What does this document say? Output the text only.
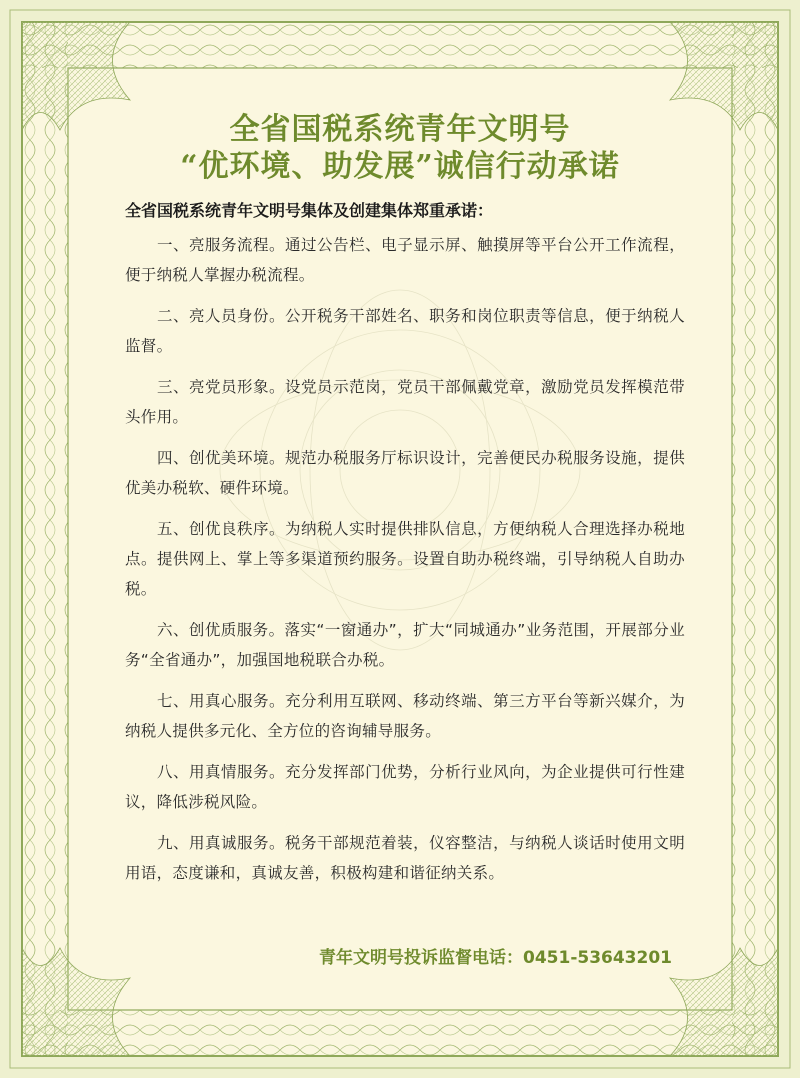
全省国税系统青年文明号
“优环境、助发展”诚信行动承诺

全省国税系统青年文明号集体及创建集体郑重承诺：

一、亮服务流程。通过公告栏、电子显示屏、触摸屏等平台公开工作流程，便于纳税人掌握办税流程。

二、亮人员身份。公开税务干部姓名、职务和岗位职责等信息，便于纳税人监督。

三、亮党员形象。设党员示范岗，党员干部佩戴党章，激励党员发挥模范带头作用。

四、创优美环境。规范办税服务厅标识设计，完善便民办税服务设施，提供优美办税软、硬件环境。

五、创优良秩序。为纳税人实时提供排队信息，方便纳税人合理选择办税地点。提供网上、掌上等多渠道预约服务。设置自助办税终端，引导纳税人自助办税。

六、创优质服务。落实“一窗通办”，扩大“同城通办”业务范围，开展部分业务“全省通办”，加强国地税联合办税。

七、用真心服务。充分利用互联网、移动终端、第三方平台等新兴媒介，为纳税人提供多元化、全方位的咨询辅导服务。

八、用真情服务。充分发挥部门优势，分析行业风向，为企业提供可行性建议，降低涉税风险。

九、用真诚服务。税务干部规范着装，仪容整洁，与纳税人谈话时使用文明用语，态度谦和，真诚友善，积极构建和谐征纳关系。

青年文明号投诉监督电话：0451-53643201
